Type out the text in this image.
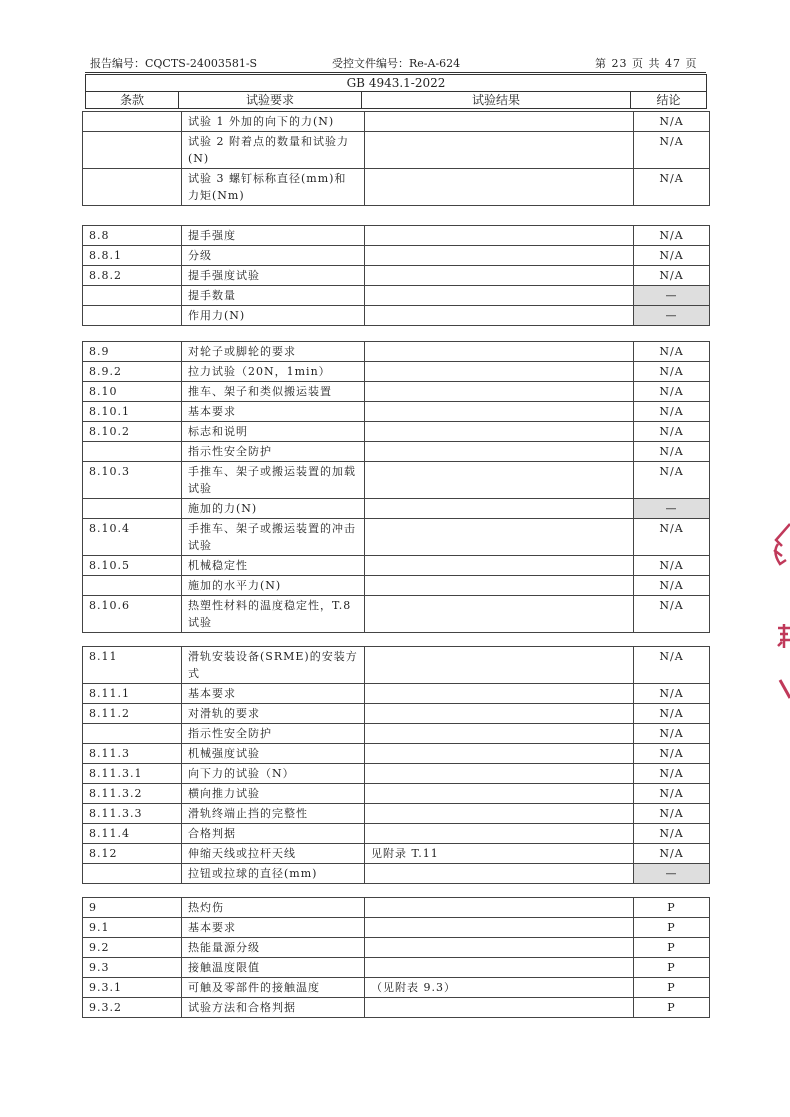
报告编号：CQCTS-24003581-S	受控文件编号：Re-A-624	第 23 页 共 47 页
GB 4943.1-2022
条款	试验要求	试验结果	结论
	试验 1 外加的向下的力(N)		N/A
	试验 2 附着点的数量和试验力(N)		N/A
	试验 3 螺钉标称直径(mm)和力矩(Nm)		N/A
8.8	提手强度		N/A
8.8.1	分级		N/A
8.8.2	提手强度试验		N/A
	提手数量		—
	作用力(N)		—
8.9	对轮子或脚轮的要求		N/A
8.9.2	拉力试验（20N，1min）		N/A
8.10	推车、架子和类似搬运装置		N/A
8.10.1	基本要求		N/A
8.10.2	标志和说明		N/A
	指示性安全防护		N/A
8.10.3	手推车、架子或搬运装置的加载试验		N/A
	施加的力(N)		—
8.10.4	手推车、架子或搬运装置的冲击试验		N/A
8.10.5	机械稳定性		N/A
	施加的水平力(N)		N/A
8.10.6	热塑性材料的温度稳定性，T.8 试验		N/A
8.11	滑轨安装设备(SRME)的安装方式		N/A
8.11.1	基本要求		N/A
8.11.2	对滑轨的要求		N/A
	指示性安全防护		N/A
8.11.3	机械强度试验		N/A
8.11.3.1	向下力的试验（N）		N/A
8.11.3.2	横向推力试验		N/A
8.11.3.3	滑轨终端止挡的完整性		N/A
8.11.4	合格判据		N/A
8.12	伸缩天线或拉杆天线	见附录 T.11	N/A
	拉钮或拉球的直径(mm)		—
9	热灼伤		P
9.1	基本要求		P
9.2	热能量源分级		P
9.3	接触温度限值		P
9.3.1	可触及零部件的接触温度	（见附表 9.3）	P
9.3.2	试验方法和合格判据		P
